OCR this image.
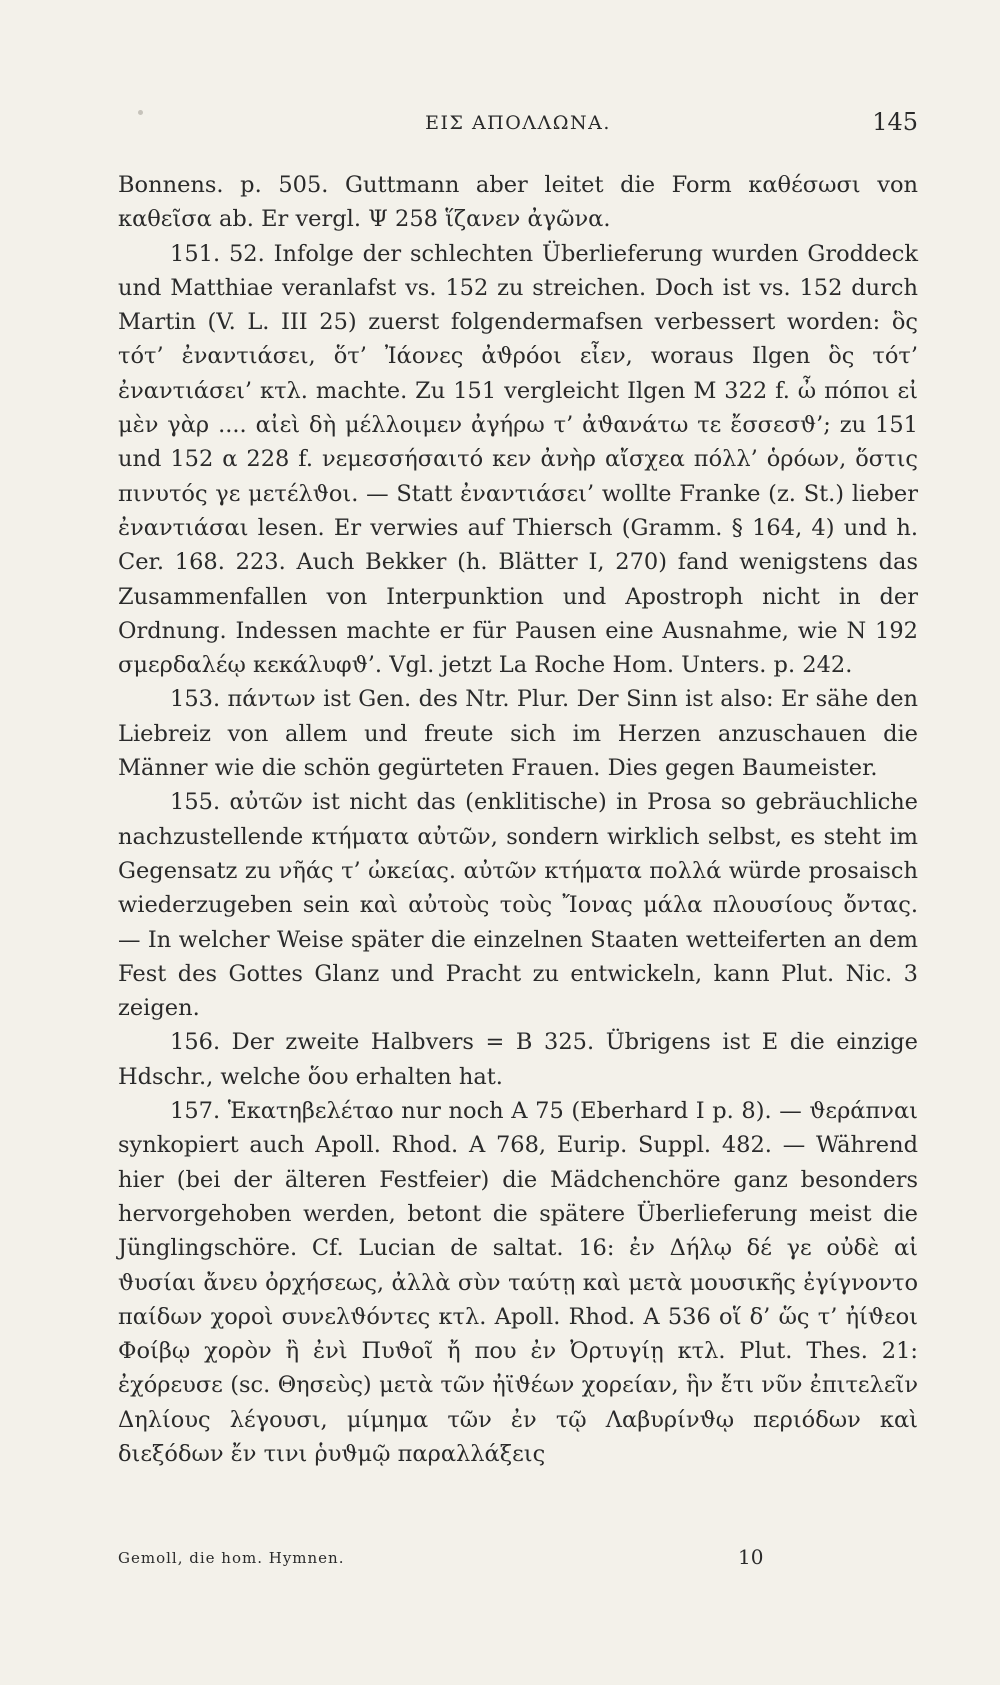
ΕΙΣ ΑΠΟΛΛΩΝΑ.	145

Bonnens. p. 505. Guttmann aber leitet die Form καθέσωσι von καθεῖσα ab. Er vergl. Ψ 258 ἵζανεν ἀγῶνα.

151. 52. Infolge der schlechten Überlieferung wurden Groddeck und Matthiae veranlafst vs. 152 zu streichen. Doch ist vs. 152 durch Martin (V. L. III 25) zuerst folgendermafsen verbessert worden: ὃς τότ’ ἐναντιάσει, ὅτ’ Ἰάονες ἀϑρόοι εἶεν, woraus Ilgen ὃς τότ’ ἐναντιάσει’ κτλ. machte. Zu 151 vergleicht Ilgen M 322 f. ὦ πόποι εἰ μὲν γὰρ .... αἰεὶ δὴ μέλλοιμεν ἀγήρω τ’ ἀϑανάτω τε ἔσσεσϑ’; zu 151 und 152 α 228 f. νεμεσσήσαιτό κεν ἀνὴρ αἴσχεα πόλλ’ ὁρόων, ὅστις πινυτός γε μετέλϑοι. — Statt ἐναντιάσει’ wollte Franke (z. St.) lieber ἐναντιάσαι lesen. Er verwies auf Thiersch (Gramm. § 164, 4) und h. Cer. 168. 223. Auch Bekker (h. Blätter I, 270) fand wenigstens das Zusammenfallen von Interpunktion und Apostroph nicht in der Ordnung. Indessen machte er für Pausen eine Ausnahme, wie N 192 σμερδαλέῳ κεκάλυφϑ’. Vgl. jetzt La Roche Hom. Unters. p. 242.

153. πάντων ist Gen. des Ntr. Plur. Der Sinn ist also: Er sähe den Liebreiz von allem und freute sich im Herzen anzuschauen die Männer wie die schön gegürteten Frauen. Dies gegen Baumeister.

155. αὐτῶν ist nicht das (enklitische) in Prosa so gebräuchliche nachzustellende κτήματα αὐτῶν, sondern wirklich selbst, es steht im Gegensatz zu νῆάς τ’ ὠκείας. αὐτῶν κτήματα πολλά würde prosaisch wiederzugeben sein καὶ αὐτοὺς τοὺς Ἴονας μάλα πλουσίους ὄντας. — In welcher Weise später die einzelnen Staaten wetteiferten an dem Fest des Gottes Glanz und Pracht zu entwickeln, kann Plut. Nic. 3 zeigen.

156. Der zweite Halbvers = B 325. Übrigens ist E die einzige Hdschr., welche ὅου erhalten hat.

157. Ἑκατηβελέταο nur noch A 75 (Eberhard I p. 8). — ϑεράπναι synkopiert auch Apoll. Rhod. A 768, Eurip. Suppl. 482. — Während hier (bei der älteren Festfeier) die Mädchenchöre ganz besonders hervorgehoben werden, betont die spätere Überlieferung meist die Jünglingschöre. Cf. Lucian de saltat. 16: ἐν Δήλῳ δέ γε οὐδὲ αἱ ϑυσίαι ἄνευ ὀρχήσεως, ἀλλὰ σὺν ταύτῃ καὶ μετὰ μουσικῆς ἐγίγνοντο παίδων χοροὶ συνελϑόντες κτλ. Apoll. Rhod. A 536 οἵ δ’ ὥς τ’ ἠίϑεοι Φοίβῳ χορὸν ἢ ἐνὶ Πυϑοῖ ἤ που ἐν Ὀρτυγίῃ κτλ. Plut. Thes. 21: ἐχόρευσε (sc. Θησεὺς) μετὰ τῶν ἠϊϑέων χορείαν, ἣν ἔτι νῦν ἐπιτελεῖν Δηλίους λέγουσι, μίμημα τῶν ἐν τῷ Λαβυρίνϑῳ περιόδων καὶ διεξόδων ἔν τινι ῥυϑμῷ παραλλάξεις

Gemoll, die hom. Hymnen.	10
